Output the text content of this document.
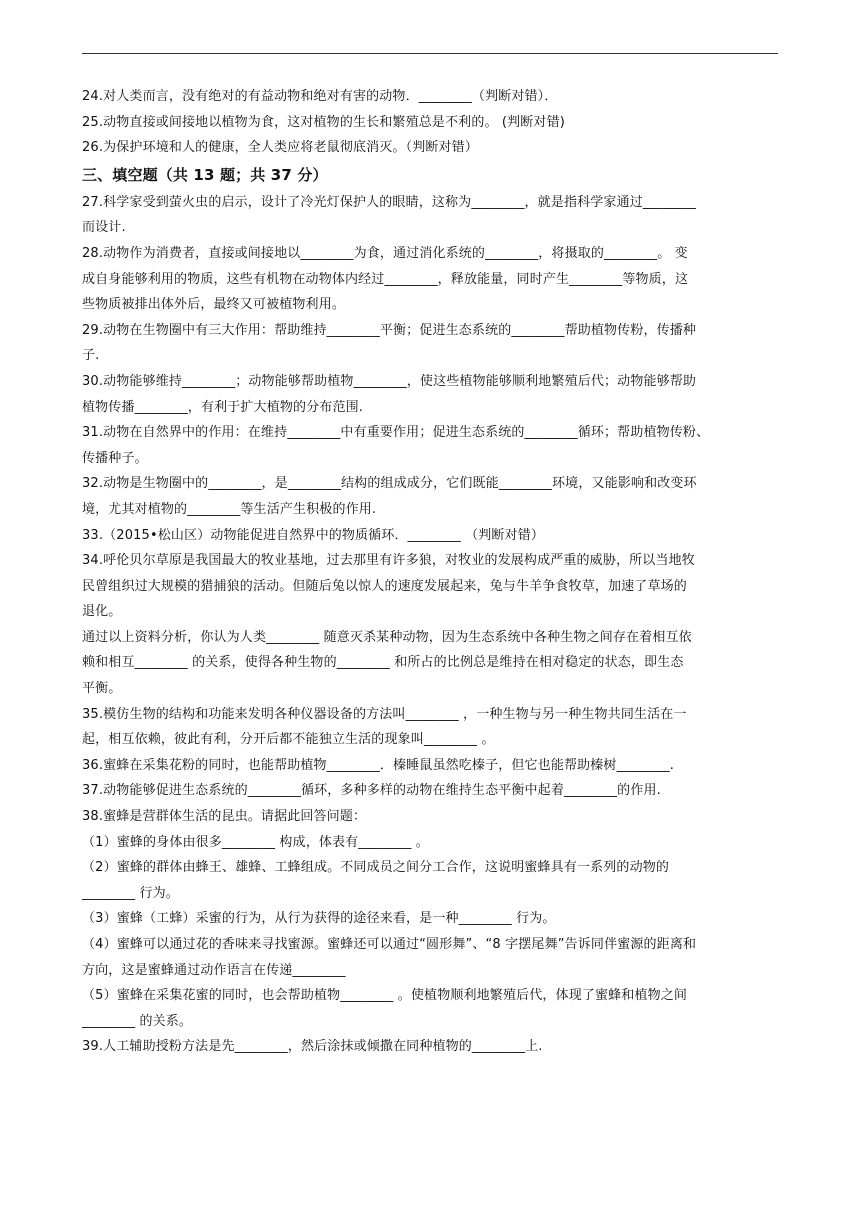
24.对人类而言，没有绝对的有益动物和绝对有害的动物．________（判断对错）．
25.动物直接或间接地以植物为食，这对植物的生长和繁殖总是不利的。 (判断对错)
26.为保护环境和人的健康，全人类应将老鼠彻底消灭。（判断对错）
三、填空题（共 13 题；共 37 分）
27.科学家受到萤火虫的启示，设计了冷光灯保护人的眼睛，这称为________，就是指科学家通过________
而设计.
28.动物作为消费者，直接或间接地以________为食，通过消化系统的________，将摄取的________。 变
成自身能够利用的物质，这些有机物在动物体内经过________，释放能量，同时产生________等物质，这
些物质被排出体外后，最终又可被植物利用。
29.动物在生物圈中有三大作用：帮助维持________平衡；促进生态系统的________帮助植物传粉，传播种
子.
30.动物能够维持________；动物能够帮助植物________，使这些植物能够顺利地繁殖后代；动物能够帮助
植物传播________，有利于扩大植物的分布范围.
31.动物在自然界中的作用：在维持________中有重要作用；促进生态系统的________循环；帮助植物传粉、
传播种子。
32.动物是生物圈中的________，是________结构的组成成分，它们既能________环境，又能影响和改变环
境，尤其对植物的________等生活产生积极的作用.
33.（2015•松山区）动物能促进自然界中的物质循环．________ （判断对错）
34.呼伦贝尔草原是我国最大的牧业基地，过去那里有许多狼，对牧业的发展构成严重的威胁，所以当地牧
民曾组织过大规模的猎捕狼的活动。但随后兔以惊人的速度发展起来，兔与牛羊争食牧草，加速了草场的
退化。
通过以上资料分析，你认为人类________ 随意灭杀某种动物，因为生态系统中各种生物之间存在着相互依
赖和相互________ 的关系，使得各种生物的________ 和所占的比例总是维持在相对稳定的状态，即生态
平衡。
35.模仿生物的结构和功能来发明各种仪器设备的方法叫________ ，一种生物与另一种生物共同生活在一
起，相互依赖，彼此有利，分开后都不能独立生活的现象叫________ 。
36.蜜蜂在采集花粉的同时，也能帮助植物________．榛睡鼠虽然吃榛子，但它也能帮助榛树________.
37.动物能够促进生态系统的________循环，多种多样的动物在维持生态平衡中起着________的作用.
38.蜜蜂是营群体生活的昆虫。请据此回答问题：
（1）蜜蜂的身体由很多________ 构成，体表有________ 。
（2）蜜蜂的群体由蜂王、雄蜂、工蜂组成。不同成员之间分工合作，这说明蜜蜂具有一系列的动物的
________ 行为。
（3）蜜蜂（工蜂）采蜜的行为，从行为获得的途径来看，是一种________ 行为。
（4）蜜蜂可以通过花的香味来寻找蜜源。蜜蜂还可以通过“圆形舞”、“8 字摆尾舞”告诉同伴蜜源的距离和
方向，这是蜜蜂通过动作语言在传递________
（5）蜜蜂在采集花蜜的同时，也会帮助植物________ 。使植物顺利地繁殖后代，体现了蜜蜂和植物之间
________ 的关系。
39.人工辅助授粉方法是先________，然后涂抹或倾撒在同种植物的________上.
